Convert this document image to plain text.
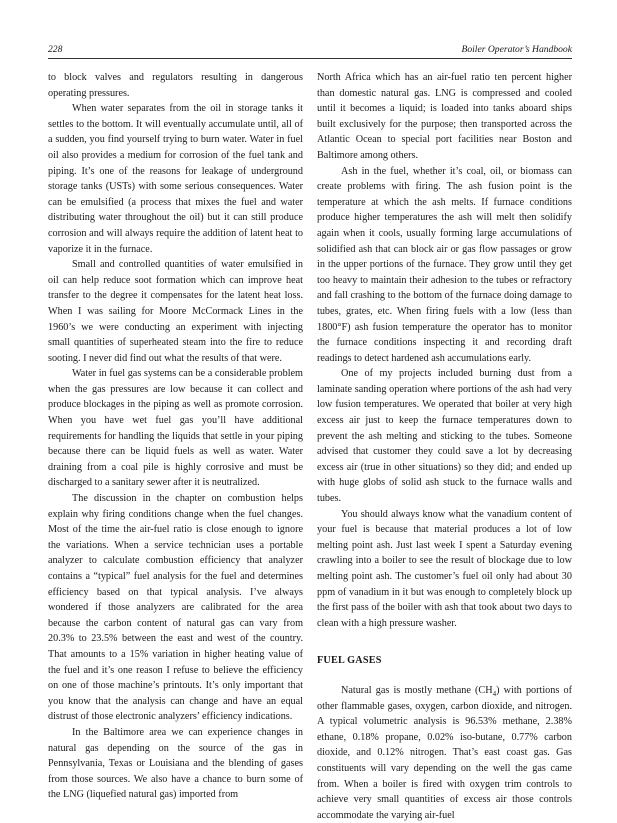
228	Boiler Operator’s Handbook

to block valves and regulators resulting in dangerous operating pressures.

When water separates from the oil in storage tanks it settles to the bottom. It will eventually accumulate until, all of a sudden, you find yourself trying to burn water. Water in fuel oil also provides a medium for corrosion of the fuel tank and piping. It’s one of the reasons for leakage of underground storage tanks (USTs) with some serious consequences. Water can be emulsified (a process that mixes the fuel and water distributing water throughout the oil) but it can still produce corrosion and will always require the addition of latent heat to vaporize it in the furnace.

Small and controlled quantities of water emulsified in oil can help reduce soot formation which can improve heat transfer to the degree it compensates for the latent heat loss. When I was sailing for Moore McCormack Lines in the 1960’s we were conducting an experiment with injecting small quantities of superheated steam into the fire to reduce sooting. I never did find out what the results of that were.

Water in fuel gas systems can be a considerable problem when the gas pressures are low because it can collect and produce blockages in the piping as well as promote corrosion. When you have wet fuel gas you’ll have additional requirements for handling the liquids that settle in your piping because there can be liquid fuels as well as water. Water draining from a coal pile is highly corrosive and must be discharged to a sanitary sewer after it is neutralized.

The discussion in the chapter on combustion helps explain why firing conditions change when the fuel changes. Most of the time the air-fuel ratio is close enough to ignore the variations. When a service technician uses a portable analyzer to calculate combustion efficiency that analyzer contains a “typical” fuel analysis for the fuel and determines efficiency based on that typical analysis. I’ve always wondered if those analyzers are calibrated for the area because the carbon content of natural gas can vary from 20.3% to 23.5% between the east and west of the country. That amounts to a 15% variation in higher heating value of the fuel and it’s one reason I refuse to believe the efficiency on one of those machine’s printouts. It’s only important that you know that the analysis can change and have an equal distrust of those electronic analyzers’ efficiency indications.

In the Baltimore area we can experience changes in natural gas depending on the source of the gas in Pennsylvania, Texas or Louisiana and the blending of gases from those sources. We also have a chance to burn some of the LNG (liquefied natural gas) imported from

North Africa which has an air-fuel ratio ten percent higher than domestic natural gas. LNG is compressed and cooled until it becomes a liquid; is loaded into tanks aboard ships built exclusively for the purpose; then transported across the Atlantic Ocean to special port facilities near Boston and Baltimore among others.

Ash in the fuel, whether it’s coal, oil, or biomass can create problems with firing. The ash fusion point is the temperature at which the ash melts. If furnace conditions produce higher temperatures the ash will melt then solidify again when it cools, usually forming large accumulations of solidified ash that can block air or gas flow passages or grow in the upper portions of the furnace. They grow until they get too heavy to maintain their adhesion to the tubes or refractory and fall crashing to the bottom of the furnace doing damage to tubes, grates, etc. When firing fuels with a low (less than 1800°F) ash fusion temperature the operator has to monitor the furnace conditions inspecting it and recording draft readings to detect hardened ash accumulations early.

One of my projects included burning dust from a laminate sanding operation where portions of the ash had very low fusion temperatures. We operated that boiler at very high excess air just to keep the furnace temperatures down to prevent the ash melting and sticking to the tubes. Someone advised that customer they could save a lot by decreasing excess air (true in other situations) so they did; and ended up with huge globs of solid ash stuck to the furnace walls and tubes.

You should always know what the vanadium content of your fuel is because that material produces a lot of low melting point ash. Just last week I spent a Saturday evening crawling into a boiler to see the result of blockage due to low melting point ash. The customer’s fuel oil only had about 30 ppm of vanadium in it but was enough to completely block up the first pass of the boiler with ash that took about two days to clean with a high pressure washer.

FUEL GASES

Natural gas is mostly methane $(CH_4)$ with portions of other flammable gases, oxygen, carbon dioxide, and nitrogen. A typical volumetric analysis is 96.53% methane, 2.38% ethane, 0.18% propane, 0.02% iso-butane, 0.77% carbon dioxide, and 0.12% nitrogen. That’s east coast gas. Gas constituents will vary depending on the well the gas came from. When a boiler is fired with oxygen trim controls to achieve very small quantities of excess air those controls accommodate the varying air-fuel
